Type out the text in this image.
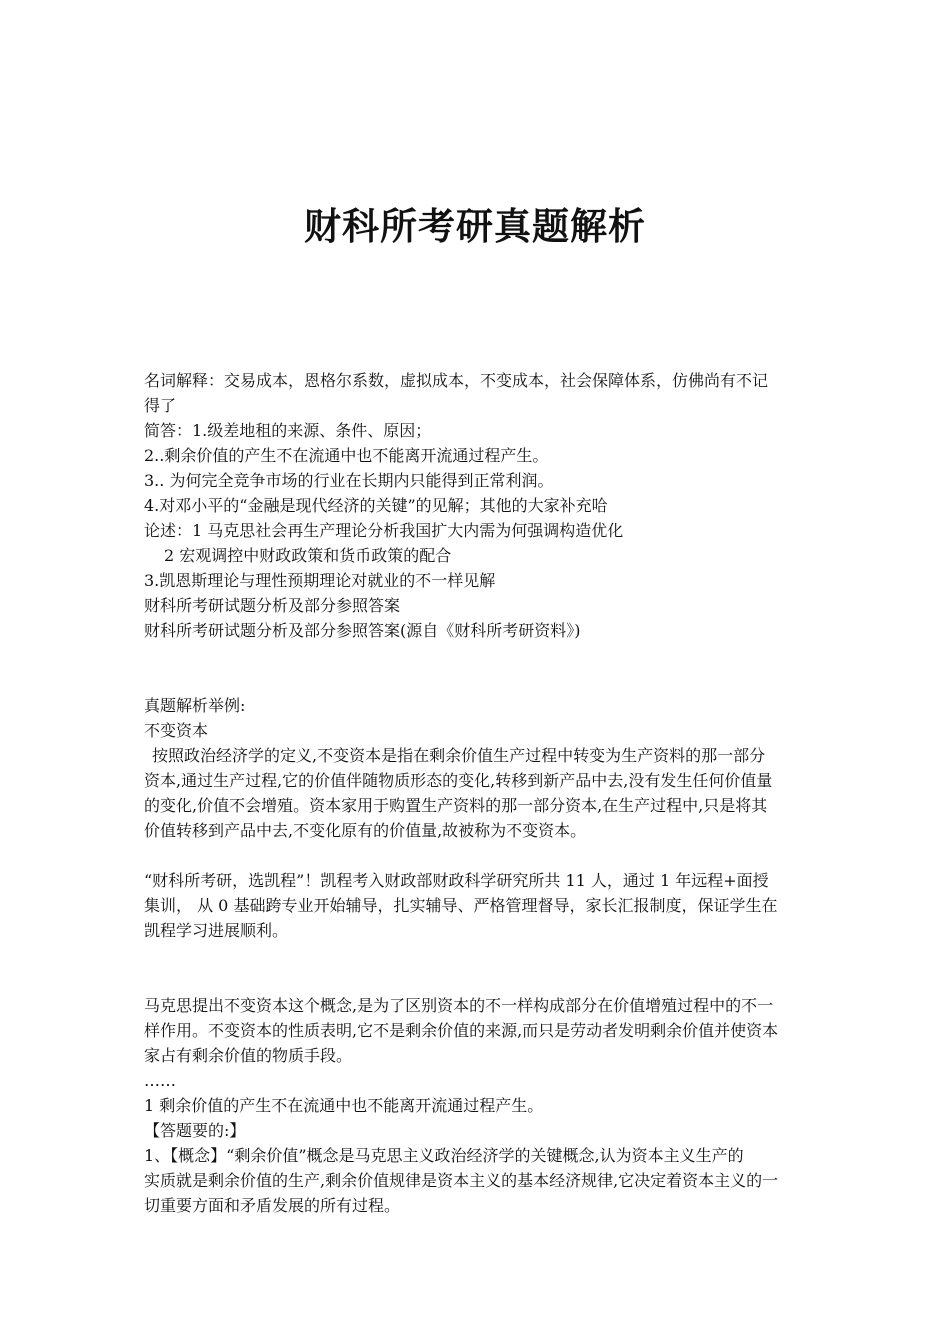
财科所考研真题解析
名词解释：交易成本，恩格尔系数，虚拟成本，不变成本，社会保障体系，仿佛尚有不记
得了
简答：1.级差地租的来源、条件、原因；
2..剩余价值的产生不在流通中也不能离开流通过程产生。
3.. 为何完全竞争市场的行业在长期内只能得到正常利润。
4.对邓小平的“金融是现代经济的关键”的见解；其他的大家补充哈
论述：1 马克思社会再生产理论分析我国扩大内需为何强调构造优化
2 宏观调控中财政政策和货币政策的配合
3.凯恩斯理论与理性预期理论对就业的不一样见解
财科所考研试题分析及部分参照答案
财科所考研试题分析及部分参照答案(源自《财科所考研资料》)
真题解析举例:
不变资本
按照政治经济学的定义,不变资本是指在剩余价值生产过程中转变为生产资料的那一部分
资本,通过生产过程,它的价值伴随物质形态的变化,转移到新产品中去,没有发生任何价值量
的变化,价值不会增殖。资本家用于购置生产资料的那一部分资本,在生产过程中,只是将其
价值转移到产品中去,不变化原有的价值量,故被称为不变资本。
“财科所考研，选凯程”！凯程考入财政部财政科学研究所共 11 人，通过 1 年远程+面授
集训， 从 0 基础跨专业开始辅导，扎实辅导、严格管理督导，家长汇报制度，保证学生在
凯程学习进展顺利。
马克思提出不变资本这个概念,是为了区别资本的不一样构成部分在价值增殖过程中的不一
样作用。不变资本的性质表明,它不是剩余价值的来源,而只是劳动者发明剩余价值并使资本
家占有剩余价值的物质手段。
……
1 剩余价值的产生不在流通中也不能离开流通过程产生。
【答题要的:】
1、【概念】“剩余价值”概念是马克思主义政治经济学的关键概念,认为资本主义生产的
实质就是剩余价值的生产,剩余价值规律是资本主义的基本经济规律,它决定着资本主义的一
切重要方面和矛盾发展的所有过程。
